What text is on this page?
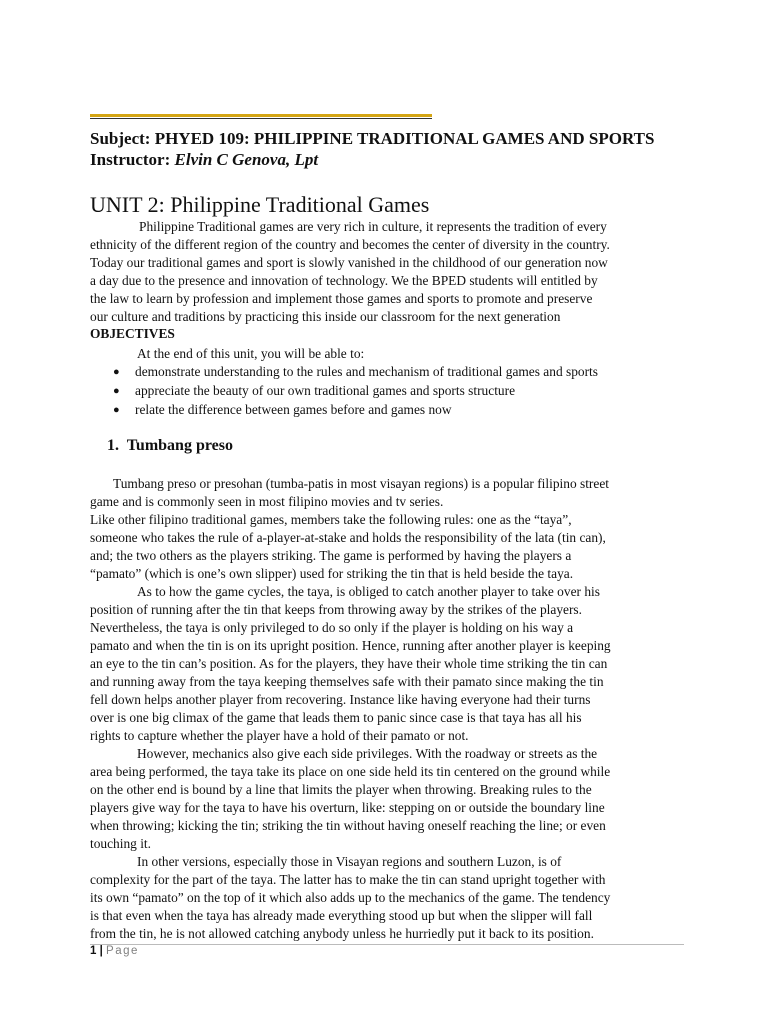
Subject: PHYED 109: PHILIPPINE TRADITIONAL GAMES AND SPORTS
Instructor: Elvin C Genova, Lpt
UNIT 2: Philippine Traditional Games
Philippine Traditional games are very rich in culture, it represents the tradition of every
ethnicity of the different region of the country and becomes the center of diversity in the country.
Today our traditional games and sport is slowly vanished in the childhood of our generation now
a day due to the presence and innovation of technology. We the BPED students will entitled by
the law to learn by profession and implement those games and sports to promote and preserve
our culture and traditions by practicing this inside our classroom for the next generation
OBJECTIVES
At the end of this unit, you will be able to:
● demonstrate understanding to the rules and mechanism of traditional games and sports
● appreciate the beauty of our own traditional games and sports structure
● relate the difference between games before and games now
1. Tumbang preso
Tumbang preso or presohan (tumba-patis in most visayan regions) is a popular filipino street
game and is commonly seen in most filipino movies and tv series.
Like other filipino traditional games, members take the following rules: one as the “taya”,
someone who takes the rule of a-player-at-stake and holds the responsibility of the lata (tin can),
and; the two others as the players striking. The game is performed by having the players a
“pamato” (which is one’s own slipper) used for striking the tin that is held beside the taya.
As to how the game cycles, the taya, is obliged to catch another player to take over his
position of running after the tin that keeps from throwing away by the strikes of the players.
Nevertheless, the taya is only privileged to do so only if the player is holding on his way a
pamato and when the tin is on its upright position. Hence, running after another player is keeping
an eye to the tin can’s position. As for the players, they have their whole time striking the tin can
and running away from the taya keeping themselves safe with their pamato since making the tin
fell down helps another player from recovering. Instance like having everyone had their turns
over is one big climax of the game that leads them to panic since case is that taya has all his
rights to capture whether the player have a hold of their pamato or not.
However, mechanics also give each side privileges. With the roadway or streets as the
area being performed, the taya take its place on one side held its tin centered on the ground while
on the other end is bound by a line that limits the player when throwing. Breaking rules to the
players give way for the taya to have his overturn, like: stepping on or outside the boundary line
when throwing; kicking the tin; striking the tin without having oneself reaching the line; or even
touching it.
In other versions, especially those in Visayan regions and southern Luzon, is of
complexity for the part of the taya. The latter has to make the tin can stand upright together with
its own “pamato” on the top of it which also adds up to the mechanics of the game. The tendency
is that even when the taya has already made everything stood up but when the slipper will fall
from the tin, he is not allowed catching anybody unless he hurriedly put it back to its position.
1 | Page
